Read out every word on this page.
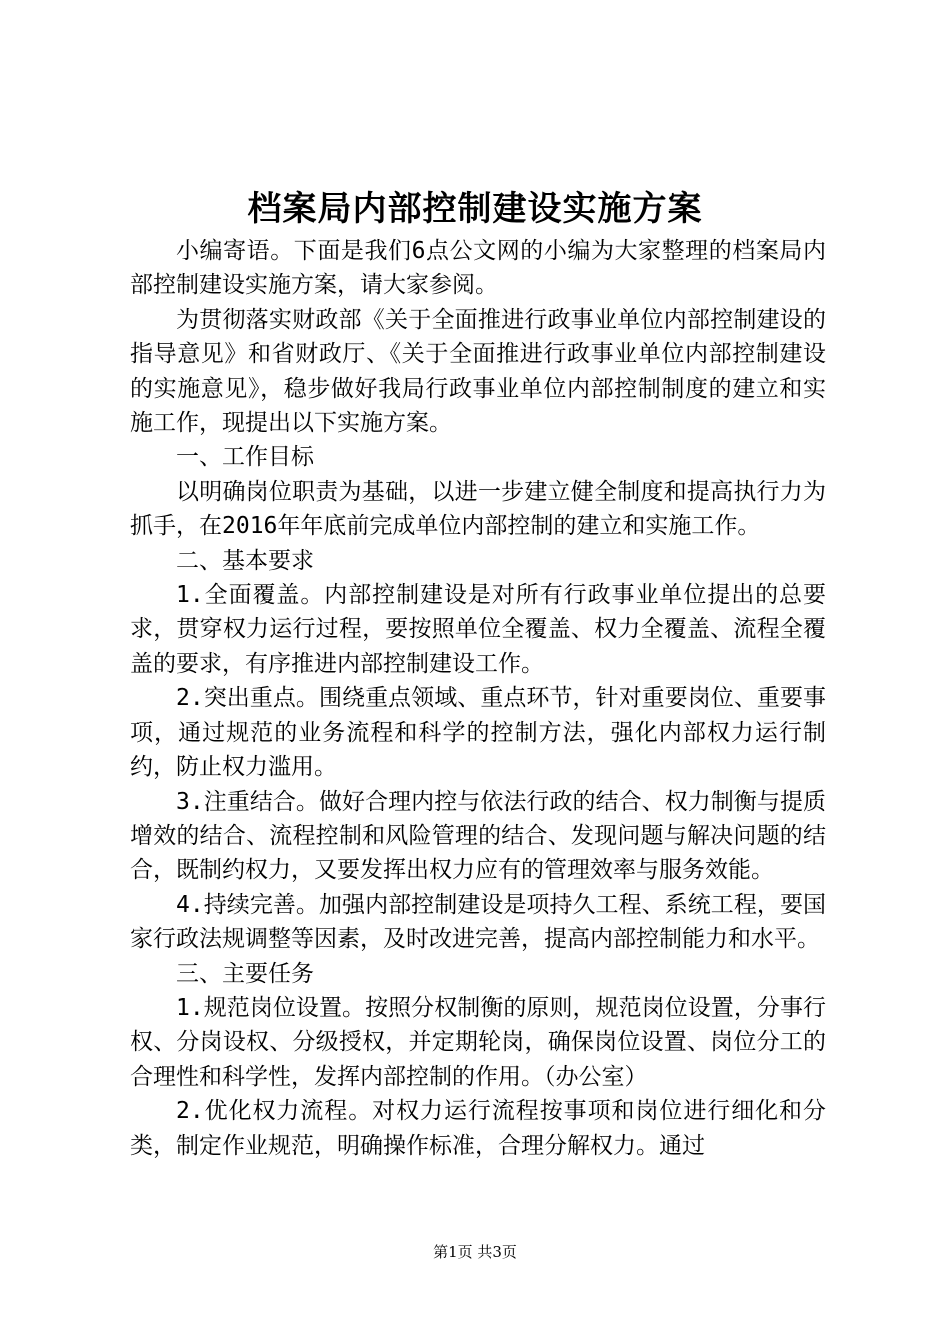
档案局内部控制建设实施方案

小编寄语。下面是我们6点公文网的小编为大家整理的档案局内部控制建设实施方案，请大家参阅。

为贯彻落实财政部《关于全面推进行政事业单位内部控制建设的指导意见》和省财政厅、《关于全面推进行政事业单位内部控制建设的实施意见》，稳步做好我局行政事业单位内部控制制度的建立和实施工作，现提出以下实施方案。

一、工作目标

以明确岗位职责为基础，以进一步建立健全制度和提高执行力为抓手，在2016年年底前完成单位内部控制的建立和实施工作。

二、基本要求

1.全面覆盖。内部控制建设是对所有行政事业单位提出的总要求，贯穿权力运行过程，要按照单位全覆盖、权力全覆盖、流程全覆盖的要求，有序推进内部控制建设工作。

2.突出重点。围绕重点领域、重点环节，针对重要岗位、重要事项，通过规范的业务流程和科学的控制方法，强化内部权力运行制约，防止权力滥用。

3.注重结合。做好合理内控与依法行政的结合、权力制衡与提质增效的结合、流程控制和风险管理的结合、发现问题与解决问题的结合，既制约权力，又要发挥出权力应有的管理效率与服务效能。

4.持续完善。加强内部控制建设是项持久工程、系统工程，要国家行政法规调整等因素，及时改进完善，提高内部控制能力和水平。

三、主要任务

1.规范岗位设置。按照分权制衡的原则，规范岗位设置，分事行权、分岗设权、分级授权，并定期轮岗，确保岗位设置、岗位分工的合理性和科学性，发挥内部控制的作用。（办公室）

2.优化权力流程。对权力运行流程按事项和岗位进行细化和分类，制定作业规范，明确操作标准，合理分解权力。通过

第1页 共3页
